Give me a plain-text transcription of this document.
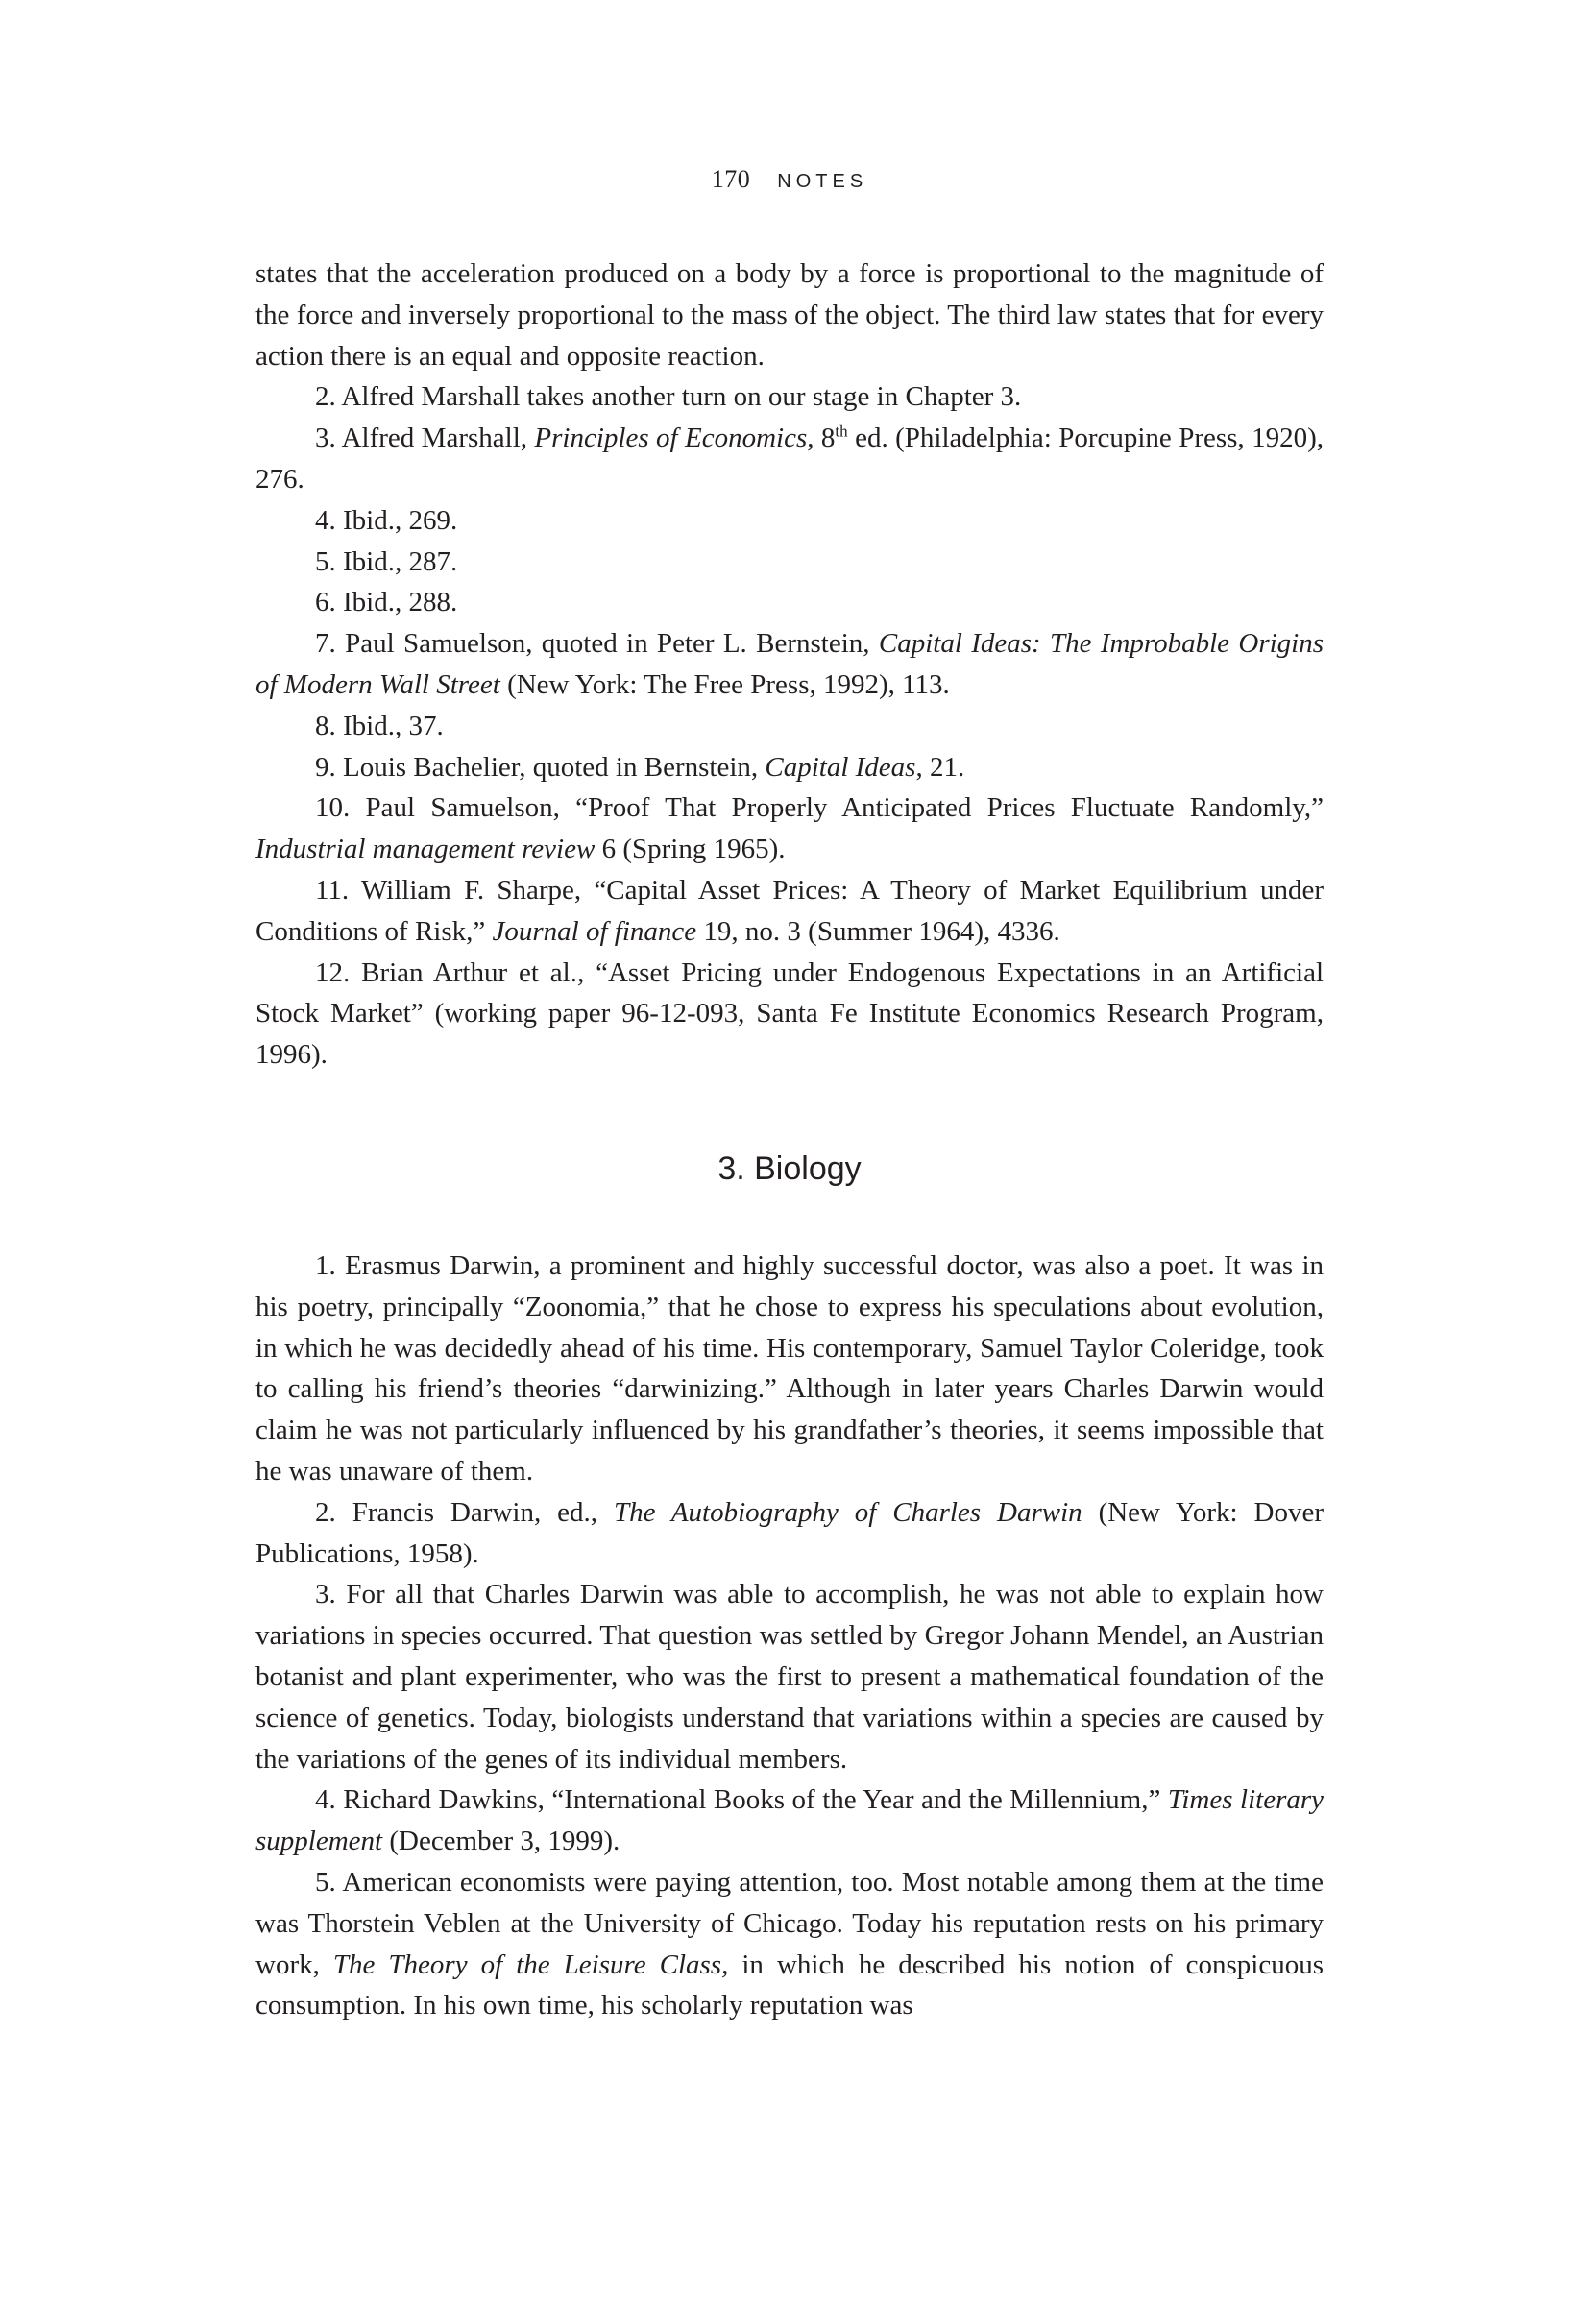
170 NOTES

states that the acceleration produced on a body by a force is proportional to the magnitude of the force and inversely proportional to the mass of the object. The third law states that for every action there is an equal and opposite reaction.

2. Alfred Marshall takes another turn on our stage in Chapter 3.

3. Alfred Marshall, Principles of Economics, 8th ed. (Philadelphia: Porcupine Press, 1920), 276.

4. Ibid., 269.

5. Ibid., 287.

6. Ibid., 288.

7. Paul Samuelson, quoted in Peter L. Bernstein, Capital Ideas: The Improbable Origins of Modern Wall Street (New York: The Free Press, 1992), 113.

8. Ibid., 37.

9. Louis Bachelier, quoted in Bernstein, Capital Ideas, 21.

10. Paul Samuelson, “Proof That Properly Anticipated Prices Fluctuate Randomly,” Industrial management review 6 (Spring 1965).

11. William F. Sharpe, “Capital Asset Prices: A Theory of Market Equilibrium under Conditions of Risk,” Journal of finance 19, no. 3 (Summer 1964), 4336.

12. Brian Arthur et al., “Asset Pricing under Endogenous Expectations in an Artificial Stock Market” (working paper 96-12-093, Santa Fe Institute Economics Research Program, 1996).

3. Biology

1. Erasmus Darwin, a prominent and highly successful doctor, was also a poet. It was in his poetry, principally “Zoonomia,” that he chose to express his speculations about evolution, in which he was decidedly ahead of his time. His contemporary, Samuel Taylor Coleridge, took to calling his friend’s theories “darwinizing.” Although in later years Charles Darwin would claim he was not particularly influenced by his grandfather’s theories, it seems impossible that he was unaware of them.

2. Francis Darwin, ed., The Autobiography of Charles Darwin (New York: Dover Publications, 1958).

3. For all that Charles Darwin was able to accomplish, he was not able to explain how variations in species occurred. That question was settled by Gregor Johann Mendel, an Austrian botanist and plant experimenter, who was the first to present a mathematical foundation of the science of genetics. Today, biologists understand that variations within a species are caused by the variations of the genes of its individual members.

4. Richard Dawkins, “International Books of the Year and the Millennium,” Times literary supplement (December 3, 1999).

5. American economists were paying attention, too. Most notable among them at the time was Thorstein Veblen at the University of Chicago. Today his reputation rests on his primary work, The Theory of the Leisure Class, in which he described his notion of conspicuous consumption. In his own time, his scholarly reputation was
